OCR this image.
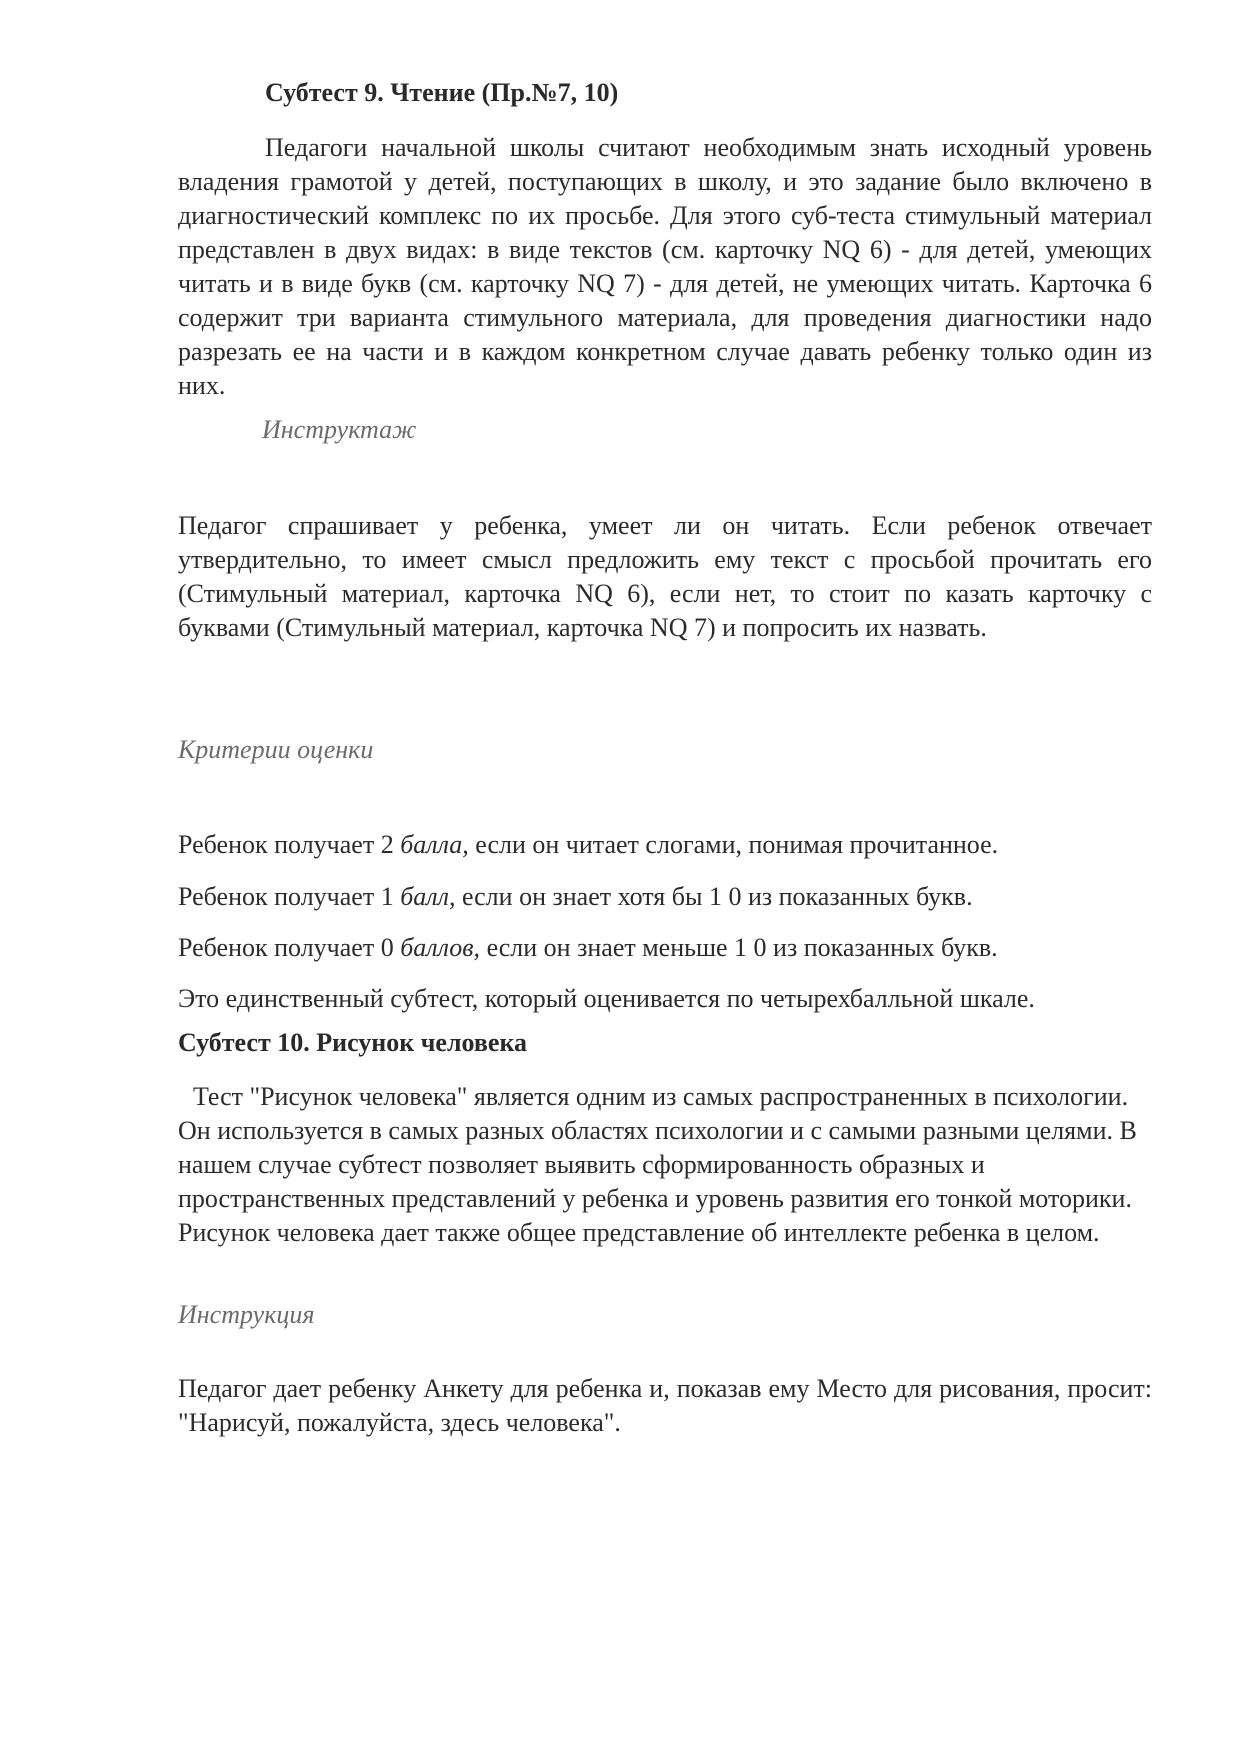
Субтест 9. Чтение (Пр.№7, 10)

Педагоги начальной школы считают необходимым знать исходный уровень владения грамотой у детей, поступающих в школу, и это задание было включено в диагностический комплекс по их просьбе. Для этого суб-теста стимульный материал представлен в двух видах: в виде текстов (см. карточку NQ 6) - для детей, умеющих читать и в виде букв (см. карточку NQ 7) - для детей, не умеющих читать. Карточка 6 содержит три варианта стимульного материала, для проведения диагностики надо разрезать ее на части и в каждом конкретном случае давать ребенку только один из них.

Инструктаж

Педагог спрашивает у ребенка, умеет ли он читать. Если ребенок отвечает утвердительно, то имеет смысл предложить ему текст с просьбой прочитать его (Стимульный материал, карточка NQ 6), если нет, то стоит по казать карточку с буквами (Стимульный материал, карточка NQ 7) и попросить их назвать.

Критерии оценки

Ребенок получает 2 балла, если он читает слогами, понимая прочитанное.

Ребенок получает 1 балл, если он знает хотя бы 1 0 из показанных букв.

Ребенок получает 0 баллов, если он знает меньше 1 0 из показанных букв.

Это единственный субтест, который оценивается по четырехбалльной шкале.

Субтест 10. Рисунок человека

Тест "Рисунок человека" является одним из самых распространенных в психологии. Он используется в самых разных областях психологии и с самыми разными целями. В нашем случае субтест позволяет выявить сформированность образных и пространственных представлений у ребенка и уровень развития его тонкой моторики. Рисунок человека дает также общее представление об интеллекте ребенка в целом.

Инструкция

Педагог дает ребенку Анкету для ребенка и, показав ему Место для рисования, просит: "Нарисуй, пожалуйста, здесь человека".
